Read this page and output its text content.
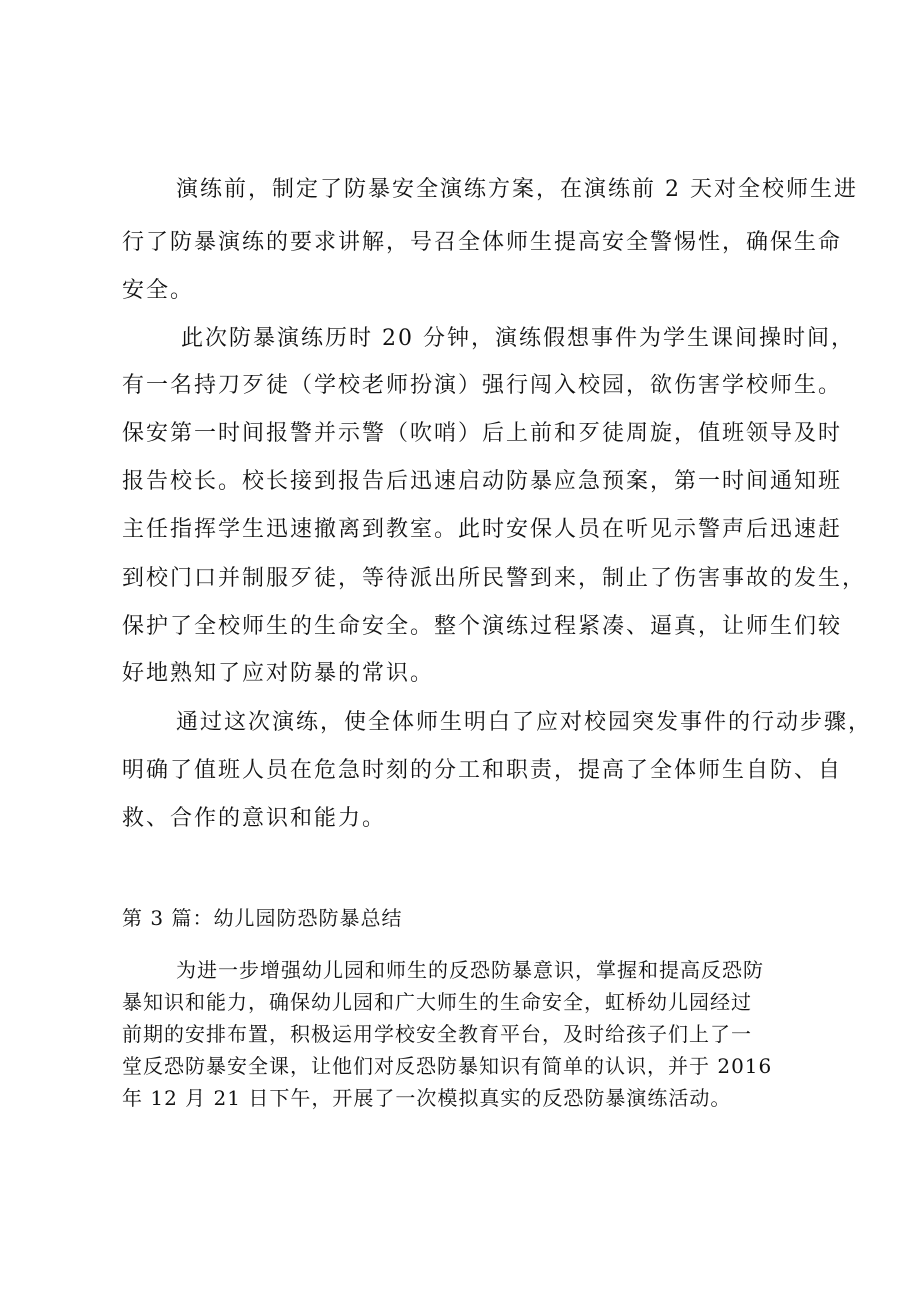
演练前，制定了防暴安全演练方案，在演练前 2 天对全校师生进
行了防暴演练的要求讲解，号召全体师生提高安全警惕性，确保生命
安全。
此次防暴演练历时 20 分钟，演练假想事件为学生课间操时间，
有一名持刀歹徒（学校老师扮演）强行闯入校园，欲伤害学校师生。
保安第一时间报警并示警（吹哨）后上前和歹徒周旋，值班领导及时
报告校长。校长接到报告后迅速启动防暴应急预案，第一时间通知班
主任指挥学生迅速撤离到教室。此时安保人员在听见示警声后迅速赶
到校门口并制服歹徒，等待派出所民警到来，制止了伤害事故的发生，
保护了全校师生的生命安全。整个演练过程紧凑、逼真，让师生们较
好地熟知了应对防暴的常识。
通过这次演练，使全体师生明白了应对校园突发事件的行动步骤，
明确了值班人员在危急时刻的分工和职责，提高了全体师生自防、自
救、合作的意识和能力。
第 3 篇：幼儿园防恐防暴总结
为进一步增强幼儿园和师生的反恐防暴意识，掌握和提高反恐防
暴知识和能力，确保幼儿园和广大师生的生命安全，虹桥幼儿园经过
前期的安排布置，积极运用学校安全教育平台，及时给孩子们上了一
堂反恐防暴安全课，让他们对反恐防暴知识有简单的认识，并于 2016
年 12 月 21 日下午，开展了一次模拟真实的反恐防暴演练活动。
